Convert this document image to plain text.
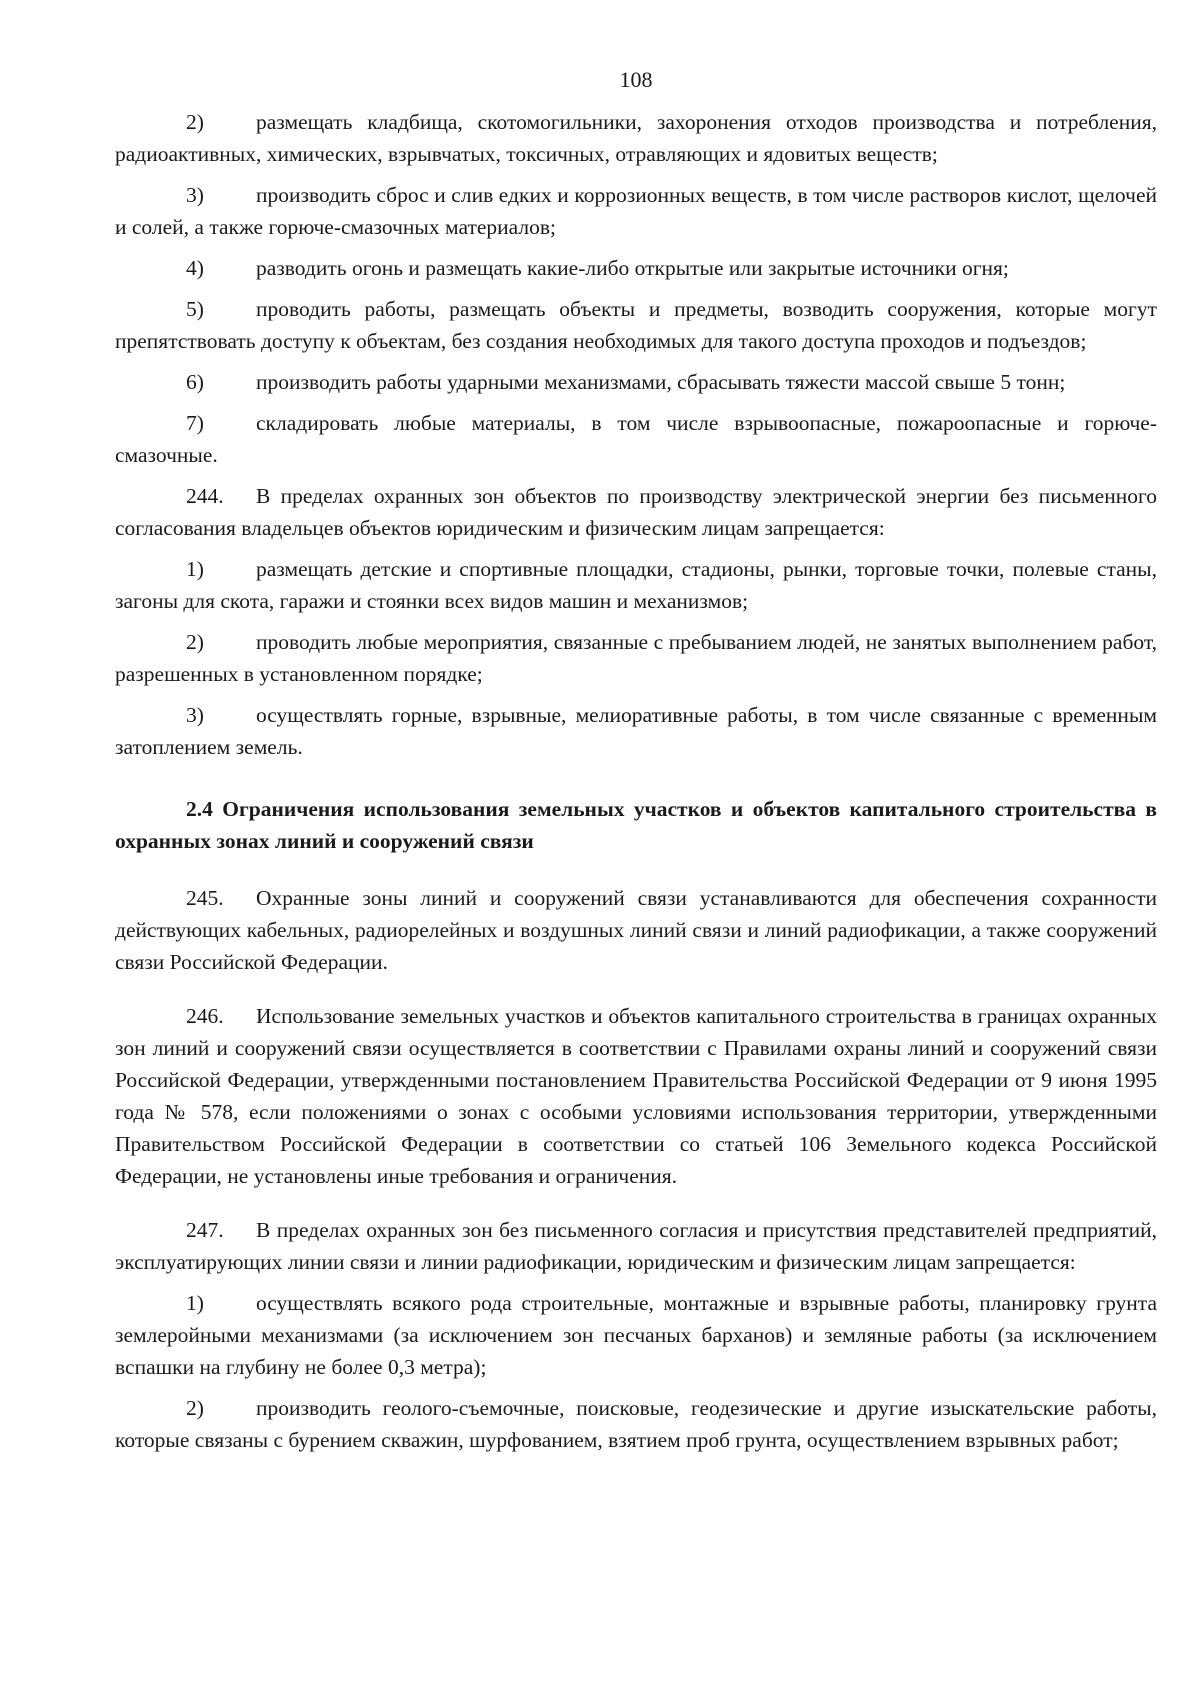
108

2) размещать кладбища, скотомогильники, захоронения отходов производства и потребления, радиоактивных, химических, взрывчатых, токсичных, отравляющих и ядовитых веществ;

3) производить сброс и слив едких и коррозионных веществ, в том числе растворов кислот, щелочей и солей, а также горюче-смазочных материалов;

4) разводить огонь и размещать какие-либо открытые или закрытые источники огня;

5) проводить работы, размещать объекты и предметы, возводить сооружения, которые могут препятствовать доступу к объектам, без создания необходимых для такого доступа проходов и подъездов;

6) производить работы ударными механизмами, сбрасывать тяжести массой свыше 5 тонн;

7) складировать любые материалы, в том числе взрывоопасные, пожароопасные и горюче-смазочные.

244. В пределах охранных зон объектов по производству электрической энергии без письменного согласования владельцев объектов юридическим и физическим лицам запрещается:

1) размещать детские и спортивные площадки, стадионы, рынки, торговые точки, полевые станы, загоны для скота, гаражи и стоянки всех видов машин и механизмов;

2) проводить любые мероприятия, связанные с пребыванием людей, не занятых выполнением работ, разрешенных в установленном порядке;

3) осуществлять горные, взрывные, мелиоративные работы, в том числе связанные с временным затоплением земель.

2.4 Ограничения использования земельных участков и объектов капитального строительства в охранных зонах линий и сооружений связи

245. Охранные зоны линий и сооружений связи устанавливаются для обеспечения сохранности действующих кабельных, радиорелейных и воздушных линий связи и линий радиофикации, а также сооружений связи Российской Федерации.

246. Использование земельных участков и объектов капитального строительства в границах охранных зон линий и сооружений связи осуществляется в соответствии с Правилами охраны линий и сооружений связи Российской Федерации, утвержденными постановлением Правительства Российской Федерации от 9 июня 1995 года № 578, если положениями о зонах с особыми условиями использования территории, утвержденными Правительством Российской Федерации в соответствии со статьей 106 Земельного кодекса Российской Федерации, не установлены иные требования и ограничения.

247. В пределах охранных зон без письменного согласия и присутствия представителей предприятий, эксплуатирующих линии связи и линии радиофикации, юридическим и физическим лицам запрещается:

1) осуществлять всякого рода строительные, монтажные и взрывные работы, планировку грунта землеройными механизмами (за исключением зон песчаных барханов) и земляные работы (за исключением вспашки на глубину не более 0,3 метра);

2) производить геолого-съемочные, поисковые, геодезические и другие изыскательские работы, которые связаны с бурением скважин, шурфованием, взятием проб грунта, осуществлением взрывных работ;
